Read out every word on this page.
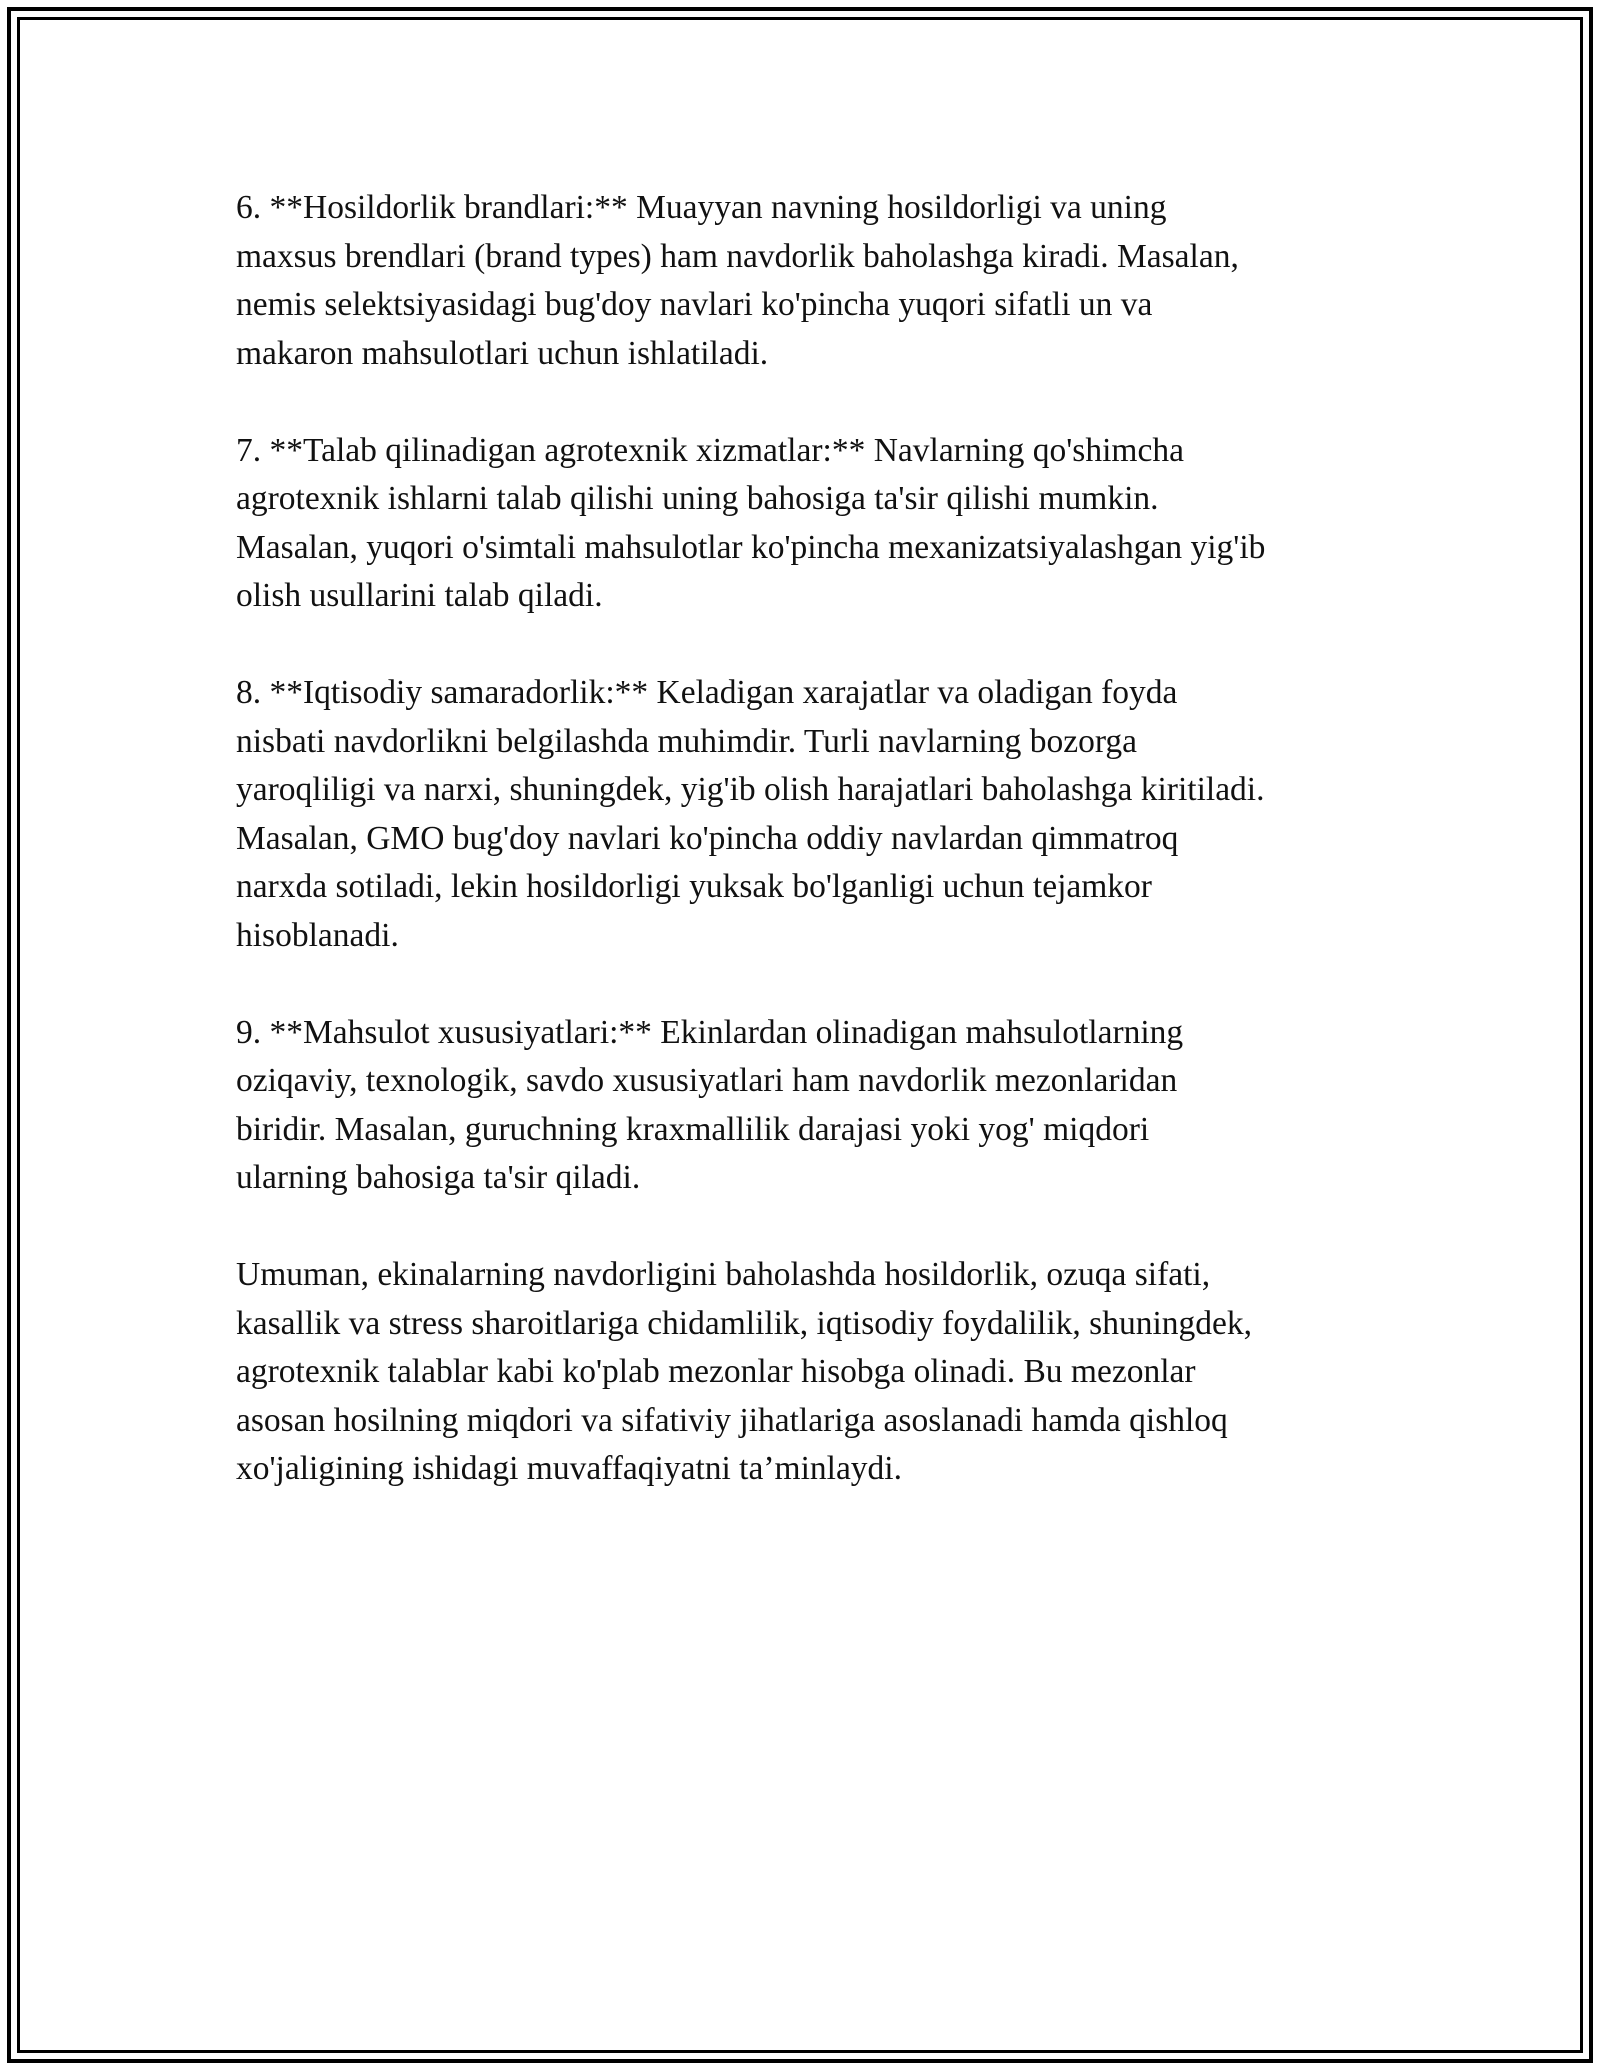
6. **Hosildorlik brandlari:** Muayyan navning hosildorligi va uning
maxsus brendlari (brand types) ham navdorlik baholashga kiradi. Masalan,
nemis selektsiyasidagi bug'doy navlari ko'pincha yuqori sifatli un va
makaron mahsulotlari uchun ishlatiladi.

7. **Talab qilinadigan agrotexnik xizmatlar:** Navlarning qo'shimcha
agrotexnik ishlarni talab qilishi uning bahosiga ta'sir qilishi mumkin.
Masalan, yuqori o'simtali mahsulotlar ko'pincha mexanizatsiyalashgan yig'ib
olish usullarini talab qiladi.

8. **Iqtisodiy samaradorlik:** Keladigan xarajatlar va oladigan foyda
nisbati navdorlikni belgilashda muhimdir. Turli navlarning bozorga
yaroqliligi va narxi, shuningdek, yig'ib olish harajatlari baholashga kiritiladi.
Masalan, GMO bug'doy navlari ko'pincha oddiy navlardan qimmatroq
narxda sotiladi, lekin hosildorligi yuksak bo'lganligi uchun tejamkor
hisoblanadi.

9. **Mahsulot xususiyatlari:** Ekinlardan olinadigan mahsulotlarning
oziqaviy, texnologik, savdo xususiyatlari ham navdorlik mezonlaridan
biridir. Masalan, guruchning kraxmallilik darajasi yoki yog' miqdori
ularning bahosiga ta'sir qiladi.

Umuman, ekinalarning navdorligini baholashda hosildorlik, ozuqa sifati,
kasallik va stress sharoitlariga chidamlilik, iqtisodiy foydalilik, shuningdek,
agrotexnik talablar kabi ko'plab mezonlar hisobga olinadi. Bu mezonlar
asosan hosilning miqdori va sifativiy jihatlariga asoslanadi hamda qishloq
xo'jaligining ishidagi muvaffaqiyatni ta’minlaydi.
